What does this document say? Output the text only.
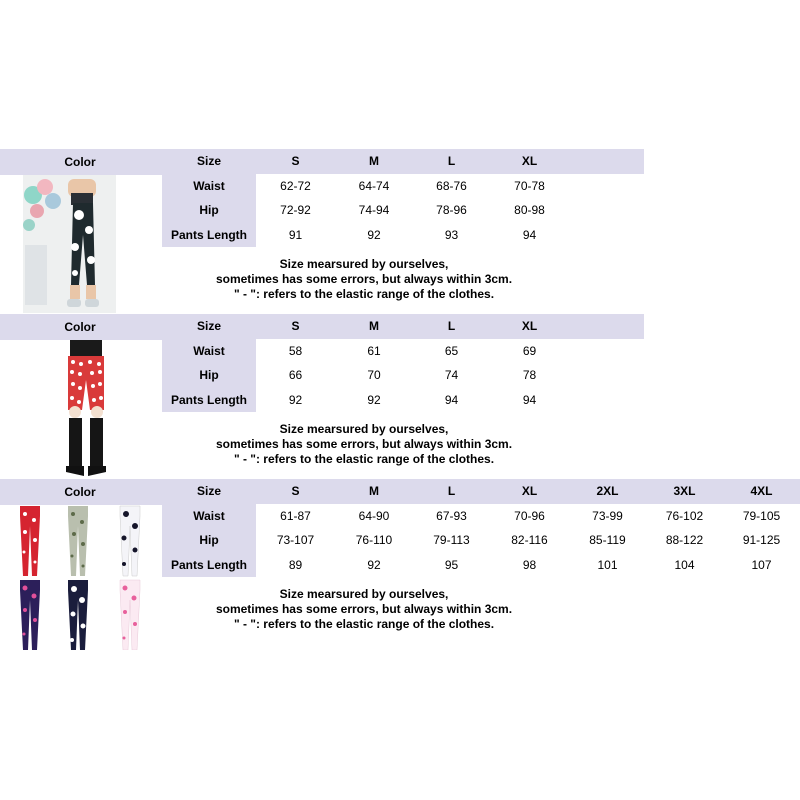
Color	Size	S	M	L	XL
Waist	62-72	64-74	68-76	70-78
Hip	72-92	74-94	78-96	80-98
Pants Length	91	92	93	94
Size mearsured by ourselves,
sometimes has some errors, but always within 3cm.
" - ": refers to the elastic range of the clothes.
Color	Size	S	M	L	XL
Waist	58	61	65	69
Hip	66	70	74	78
Pants Length	92	92	94	94
Size mearsured by ourselves,
sometimes has some errors, but always within 3cm.
" - ": refers to the elastic range of the clothes.
Color	Size	S	M	L	XL	2XL	3XL	4XL
Waist	61-87	64-90	67-93	70-96	73-99	76-102	79-105
Hip	73-107	76-110	79-113	82-116	85-119	88-122	91-125
Pants Length	89	92	95	98	101	104	107
Size mearsured by ourselves,
sometimes has some errors, but always within 3cm.
" - ": refers to the elastic range of the clothes.
